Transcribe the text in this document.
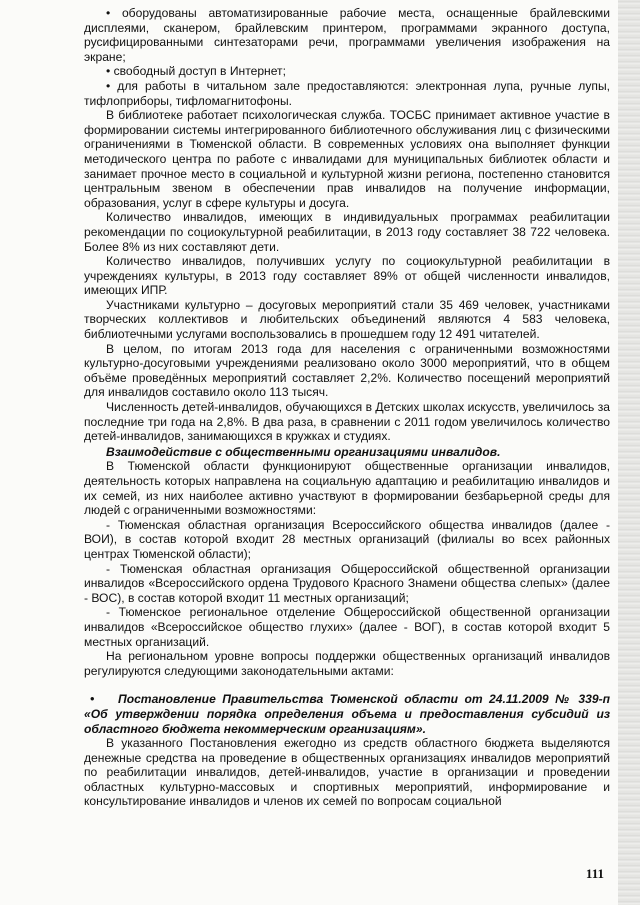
• оборудованы автоматизированные рабочие места, оснащенные брайлевскими дисплеями, сканером, брайлевским принтером, программами экранного доступа, русифицированными синтезаторами речи, программами увеличения изображения на экране;

• свободный доступ в Интернет;

• для работы в читальном зале предоставляются: электронная лупа, ручные лупы, тифлоприборы, тифломагнитофоны.

В библиотеке работает психологическая служба. ТОСБС принимает активное участие в формировании системы интегрированного библиотечного обслуживания лиц с физическими ограничениями в Тюменской области. В современных условиях она выполняет функции методического центра по работе с инвалидами для муниципальных библиотек области и занимает прочное место в социальной и культурной жизни региона, постепенно становится центральным звеном в обеспечении прав инвалидов на получение информации, образования, услуг в сфере культуры и досуга.

Количество инвалидов, имеющих в индивидуальных программах реабилитации рекомендации по социокультурной реабилитации, в 2013 году составляет 38 722 человека. Более 8% из них составляют дети.

Количество инвалидов, получивших услугу по социокультурной реабилитации в учреждениях культуры, в 2013 году составляет 89% от общей численности инвалидов, имеющих ИПР.

Участниками культурно – досуговых мероприятий стали 35 469 человек, участниками творческих коллективов и любительских объединений являются 4 583 человека, библиотечными услугами воспользовались в прошедшем году 12 491 читателей.

В целом, по итогам 2013 года для населения с ограниченными возможностями культурно-досуговыми учреждениями реализовано около 3000 мероприятий, что в общем объёме проведённых мероприятий составляет 2,2%. Количество посещений мероприятий для инвалидов составило около 113 тысяч.

Численность детей-инвалидов, обучающихся в Детских школах искусств, увеличилось за последние три года на 2,8%. В два раза, в сравнении с 2011 годом увеличилось количество детей-инвалидов, занимающихся в кружках и студиях.

Взаимодействие с общественными организациями инвалидов.

В Тюменской области функционируют общественные организации инвалидов, деятельность которых направлена на социальную адаптацию и реабилитацию инвалидов и их семей, из них наиболее активно участвуют в формировании безбарьерной среды для людей с ограниченными возможностями:

- Тюменская областная организация Всероссийского общества инвалидов (далее - ВОИ), в состав которой входит 28 местных организаций (филиалы во всех районных центрах Тюменской области);

- Тюменская областная организация Общероссийской общественной организации инвалидов «Всероссийского ордена Трудового Красного Знамени общества слепых» (далее - ВОС), в состав которой входит 11 местных организаций;

- Тюменское региональное отделение Общероссийской общественной организации инвалидов «Всероссийское общество глухих» (далее - ВОГ), в состав которой входит 5 местных организаций.

На региональном уровне вопросы поддержки общественных организаций инвалидов регулируются следующими законодательными актами:

• Постановление Правительства Тюменской области от 24.11.2009 № 339-п «Об утверждении порядка определения объема и предоставления субсидий из областного бюджета некоммерческим организациям».

В указанного Постановления ежегодно из средств областного бюджета выделяются денежные средства на проведение в общественных организациях инвалидов мероприятий по реабилитации инвалидов, детей-инвалидов, участие в организации и проведении областных культурно-массовых и спортивных мероприятий, информирование и консультирование инвалидов и членов их семей по вопросам социальной

111
